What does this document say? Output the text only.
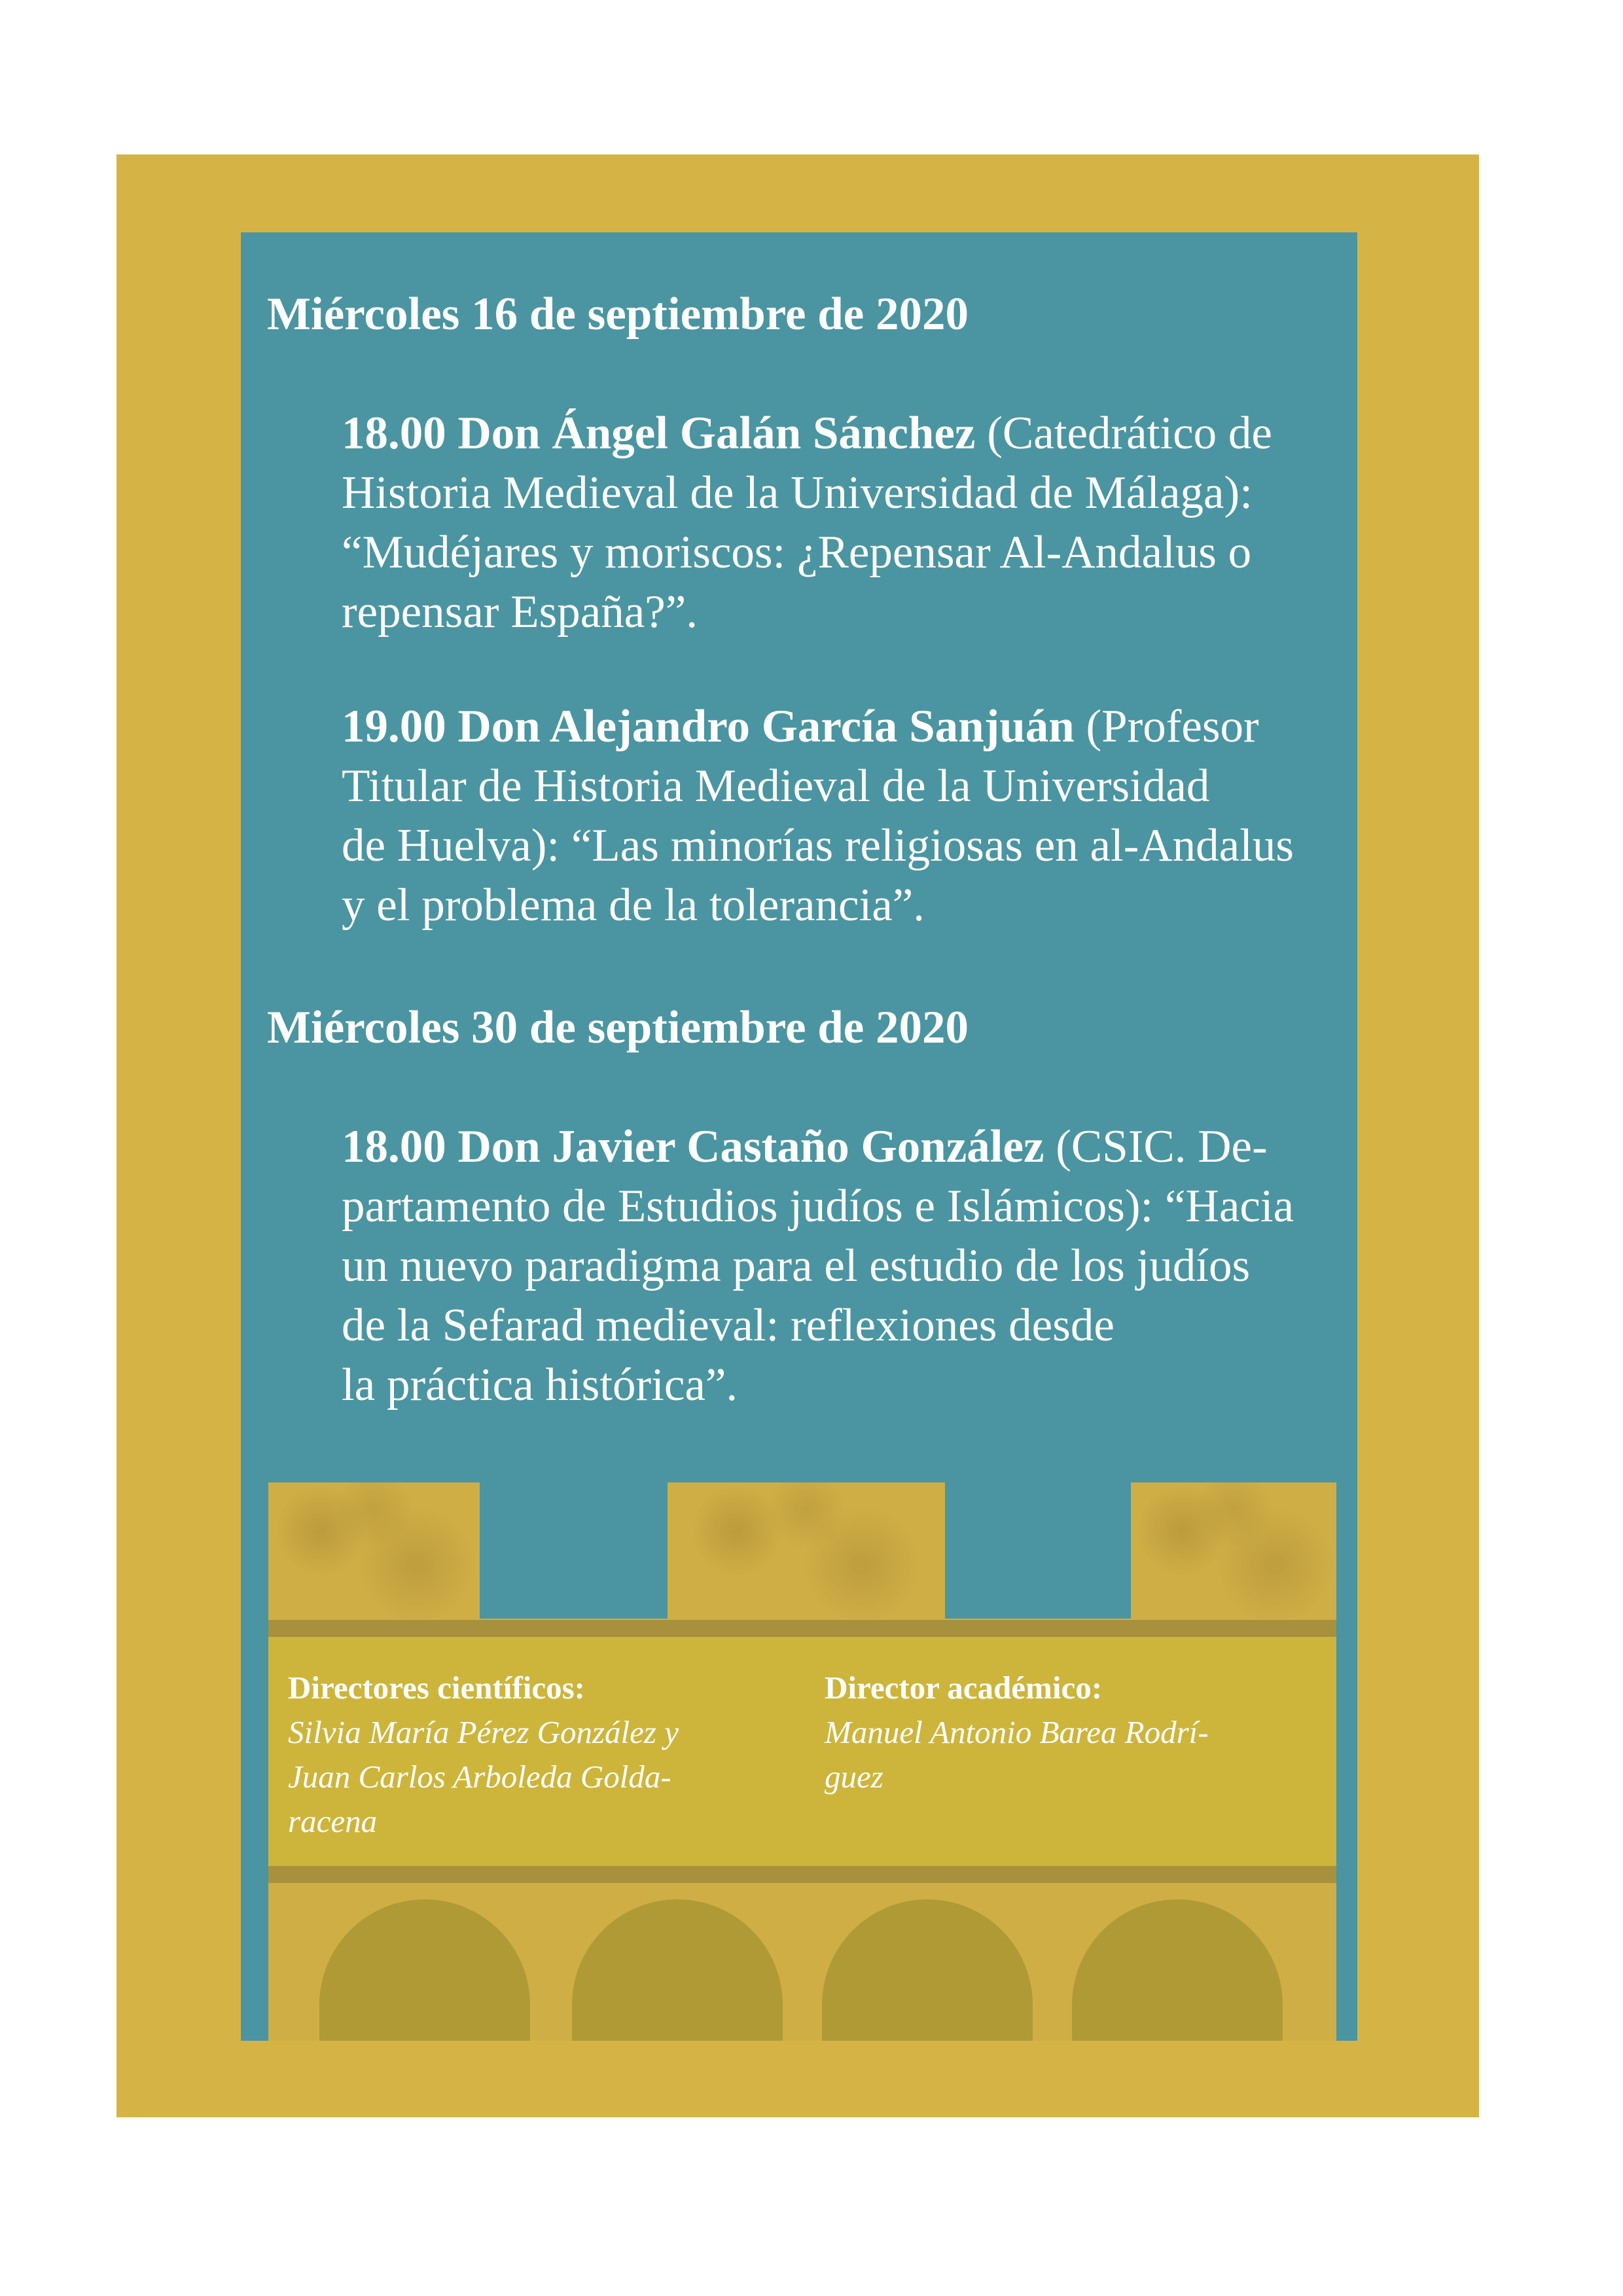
Miércoles 16 de septiembre de 2020

18.00 Don Ángel Galán Sánchez (Catedrático de
Historia Medieval de la Universidad de Málaga):
“Mudéjares y moriscos: ¿Repensar Al-Andalus o
repensar España?”.

19.00 Don Alejandro García Sanjuán (Profesor
Titular de Historia Medieval de la Universidad
de Huelva): “Las minorías religiosas en al-Andalus
y el problema de la tolerancia”.

Miércoles 30 de septiembre de 2020

18.00 Don Javier Castaño González (CSIC. De-
partamento de Estudios judíos e Islámicos): “Hacia
un nuevo paradigma para el estudio de los judíos
de la Sefarad medieval: reflexiones desde
la práctica histórica”.

Directores científicos:
Silvia María Pérez González y
Juan Carlos Arboleda Golda-
racena
Director académico:
Manuel Antonio Barea Rodrí-
guez
